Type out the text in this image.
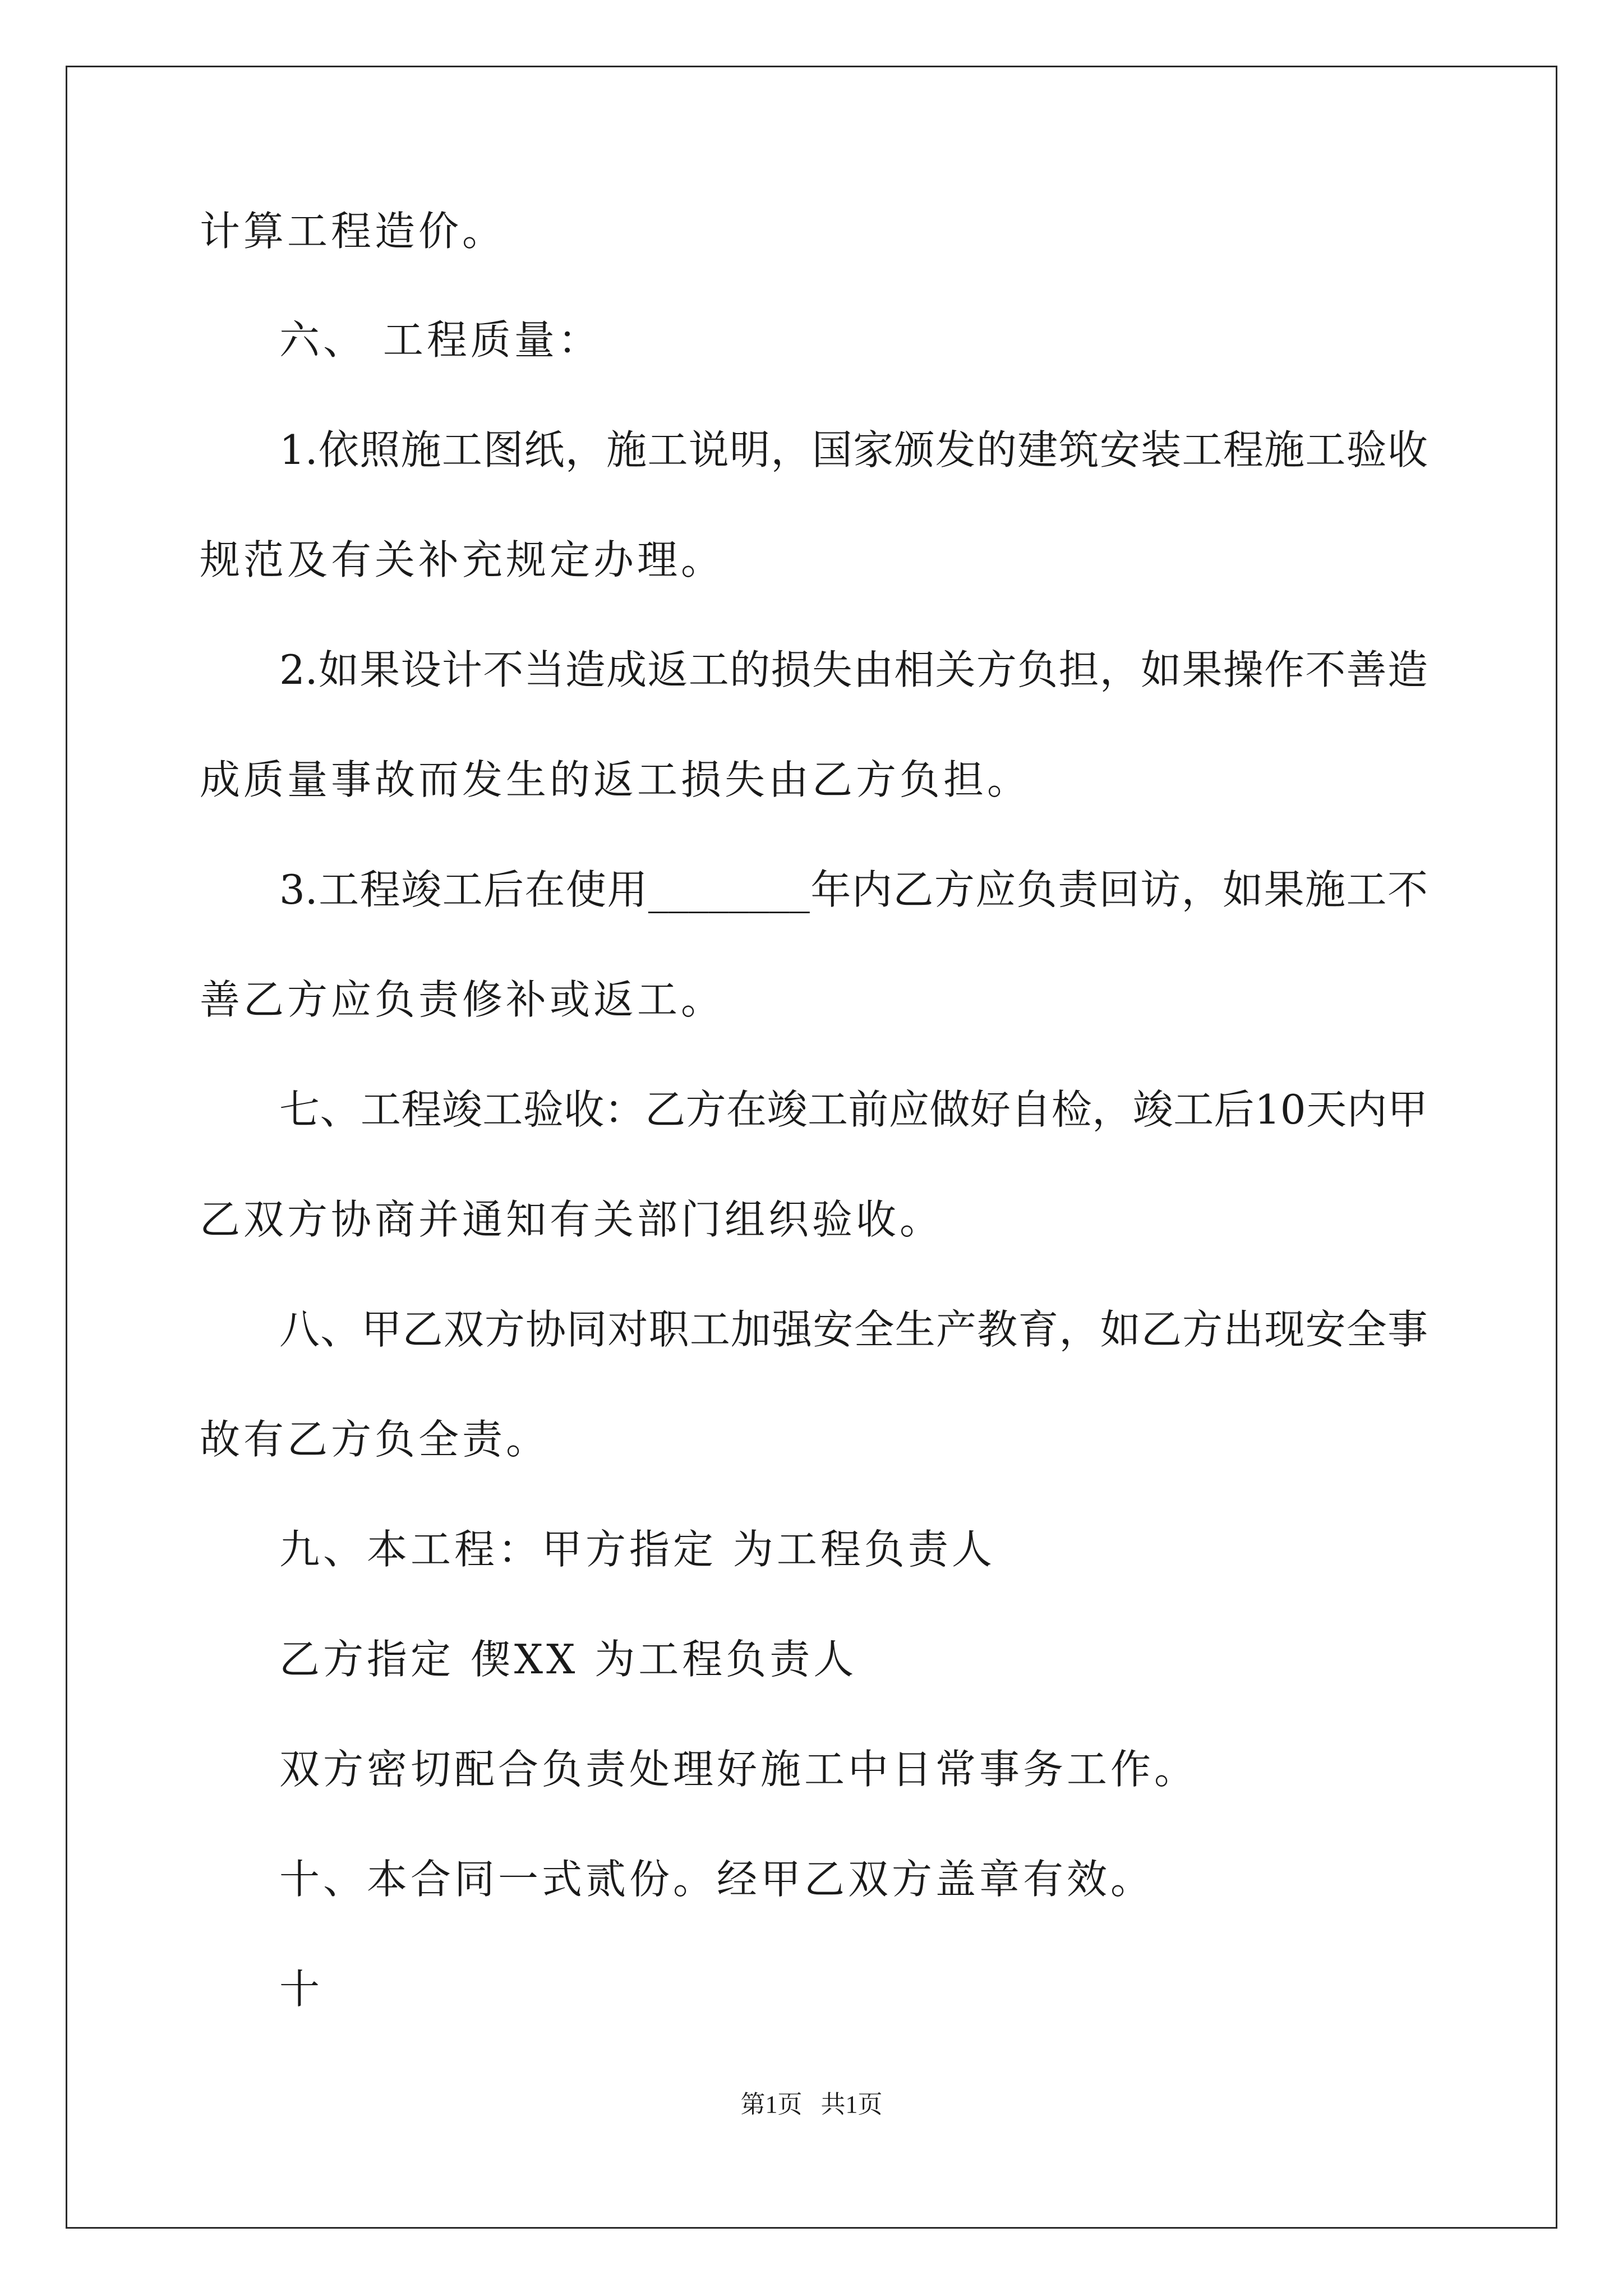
计算工程造价。
六、 工程质量：
1.依照施工图纸，施工说明，国家颁发的建筑安装工程施工验收
规范及有关补充规定办理。
2.如果设计不当造成返工的损失由相关方负担，如果操作不善造
成质量事故而发生的返工损失由乙方负担。
3.工程竣工后在使用________年内乙方应负责回访，如果施工不
善乙方应负责修补或返工。
七、工程竣工验收：乙方在竣工前应做好自检，竣工后10天内甲
乙双方协商并通知有关部门组织验收。
八、甲乙双方协同对职工加强安全生产教育，如乙方出现安全事
故有乙方负全责。
九、本工程：甲方指定 为工程负责人
乙方指定 偰XX 为工程负责人
双方密切配合负责处理好施工中日常事务工作。
十、本合同一式贰份。经甲乙双方盖章有效。
十
第1页   共1页
